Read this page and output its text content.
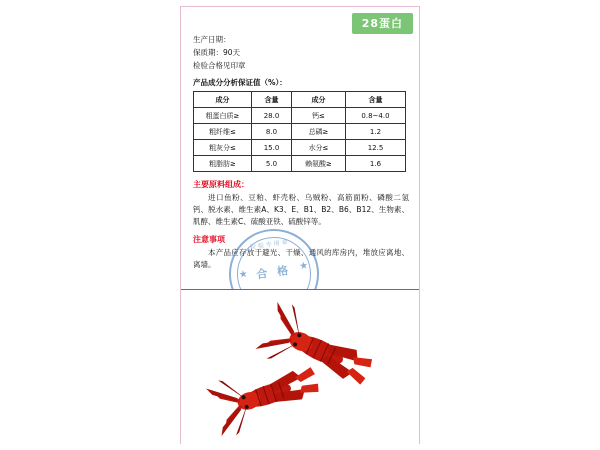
28蛋白
生产日期：
保质期：90天
检验合格见印章
产品成分分析保证值（%）：
成分	含量	成分	含量
粗蛋白质≥	28.0	钙≤	0.8~4.0
粗纤维≤	8.0	总磷≥	1.2
粗灰分≤	15.0	水分≤	12.5
粗脂肪≥	5.0	赖氨酸≥	1.6
主要原料组成：
进口鱼粉、豆粕、虾壳粉、乌贼粉、高筋面粉、磷酸二氢钙、脱水素、维生素A、K3、E、B1、B2、B6、B12、生物素、肌醇、维生素C、硫酸亚铁、硫酸锌等。
注意事项
本产品应存放于避光、干燥、通风的库房内，堆放应离地、离墙。
检验专用章
★
★
合 格
